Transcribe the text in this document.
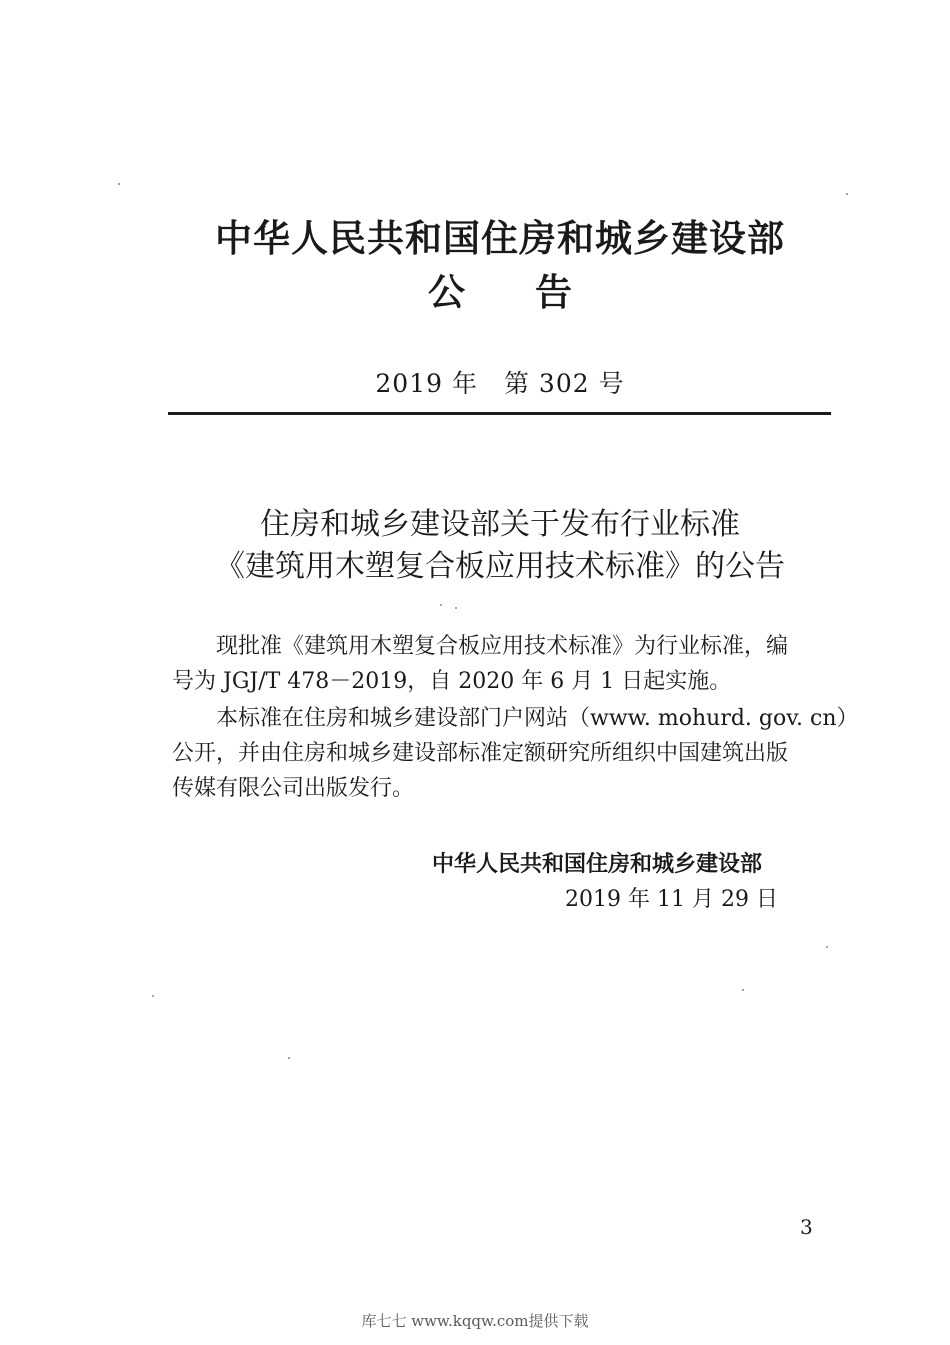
中华人民共和国住房和城乡建设部
公告
2019 年　第 302 号
住房和城乡建设部关于发布行业标准
《建筑用木塑复合板应用技术标准》的公告
现批准《建筑用木塑复合板应用技术标准》为行业标准，编
号为 JGJ/T 478－2019，自 2020 年 6 月 1 日起实施。
本标准在住房和城乡建设部门户网站（www. mohurd. gov. cn）
公开，并由住房和城乡建设部标准定额研究所组织中国建筑出版
传媒有限公司出版发行。
中华人民共和国住房和城乡建设部
2019 年 11 月 29 日
3
库七七 www.kqqw.com提供下载
